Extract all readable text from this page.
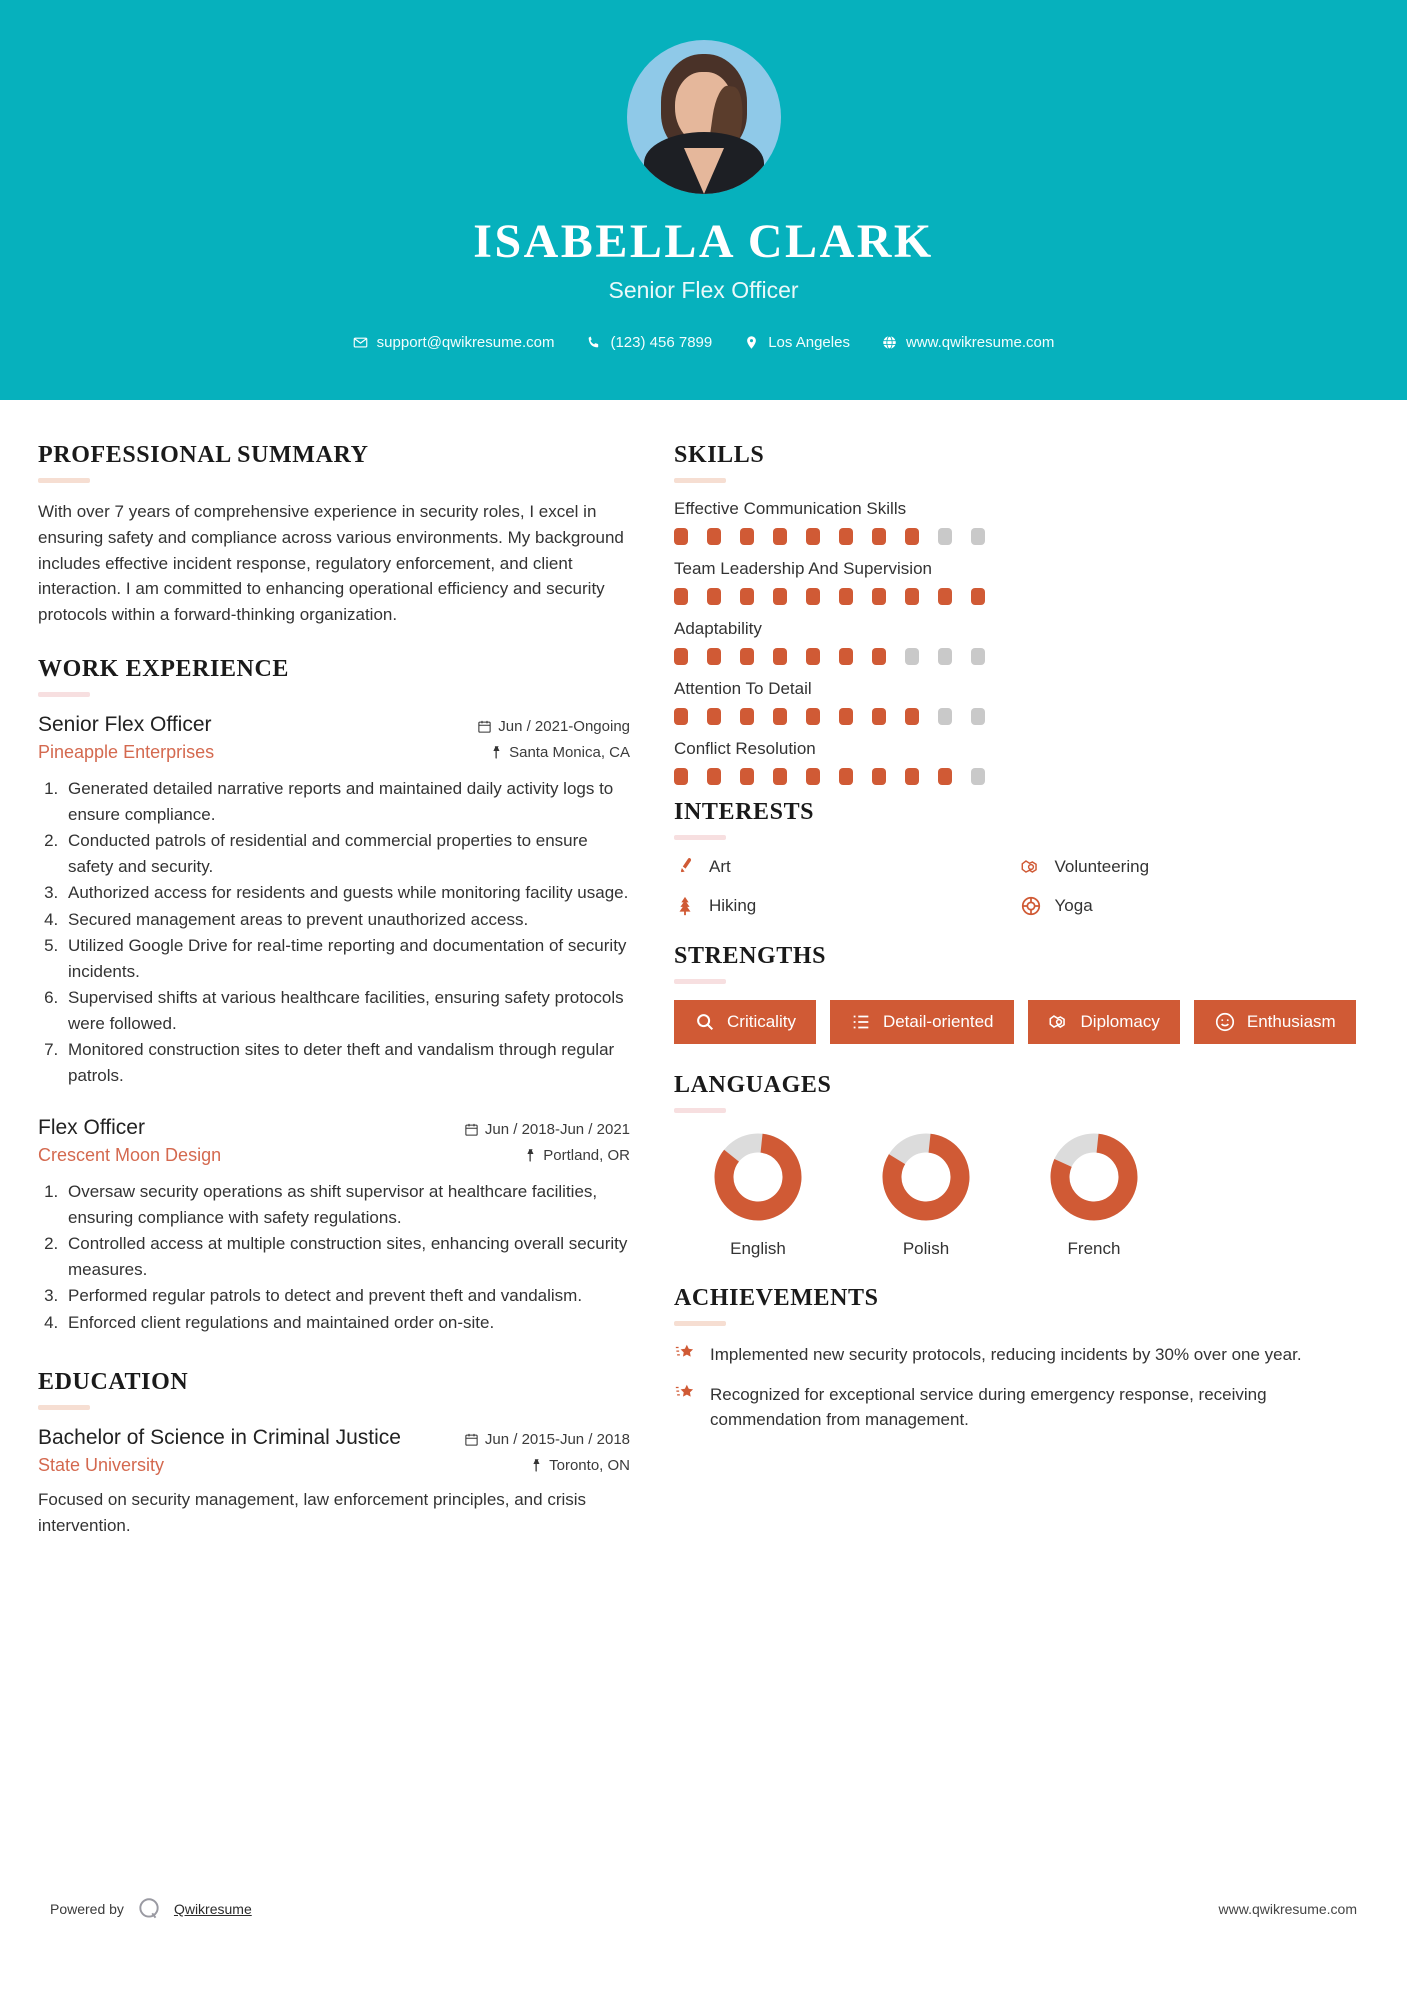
ISABELLA CLARK
Senior Flex Officer
support@qwikresume.com	(123) 456 7899	Los Angeles	www.qwikresume.com
PROFESSIONAL SUMMARY
With over 7 years of comprehensive experience in security roles, I excel in ensuring safety and compliance across various environments. My background includes effective incident response, regulatory enforcement, and client interaction. I am committed to enhancing operational efficiency and security protocols within a forward-thinking organization.
WORK EXPERIENCE
Senior Flex Officer
Pineapple Enterprises
Jun / 2021-Ongoing
Santa Monica, CA
1. Generated detailed narrative reports and maintained daily activity logs to ensure compliance.
2. Conducted patrols of residential and commercial properties to ensure safety and security.
3. Authorized access for residents and guests while monitoring facility usage.
4. Secured management areas to prevent unauthorized access.
5. Utilized Google Drive for real-time reporting and documentation of security incidents.
6. Supervised shifts at various healthcare facilities, ensuring safety protocols were followed.
7. Monitored construction sites to deter theft and vandalism through regular patrols.
Flex Officer
Crescent Moon Design
Jun / 2018-Jun / 2021
Portland, OR
1. Oversaw security operations as shift supervisor at healthcare facilities, ensuring compliance with safety regulations.
2. Controlled access at multiple construction sites, enhancing overall security measures.
3. Performed regular patrols to detect and prevent theft and vandalism.
4. Enforced client regulations and maintained order on-site.
EDUCATION
Bachelor of Science in Criminal Justice
State University
Jun / 2015-Jun / 2018
Toronto, ON
Focused on security management, law enforcement principles, and crisis intervention.
SKILLS
Effective Communication Skills
Team Leadership And Supervision
Adaptability
Attention To Detail
Conflict Resolution
INTERESTS
Art	Volunteering
Hiking	Yoga
STRENGTHS
Criticality	Detail-oriented	Diplomacy	Enthusiasm
LANGUAGES
English	Polish	French
ACHIEVEMENTS
Implemented new security protocols, reducing incidents by 30% over one year.
Recognized for exceptional service during emergency response, receiving commendation from management.
Powered by	Qwikresume	www.qwikresume.com
